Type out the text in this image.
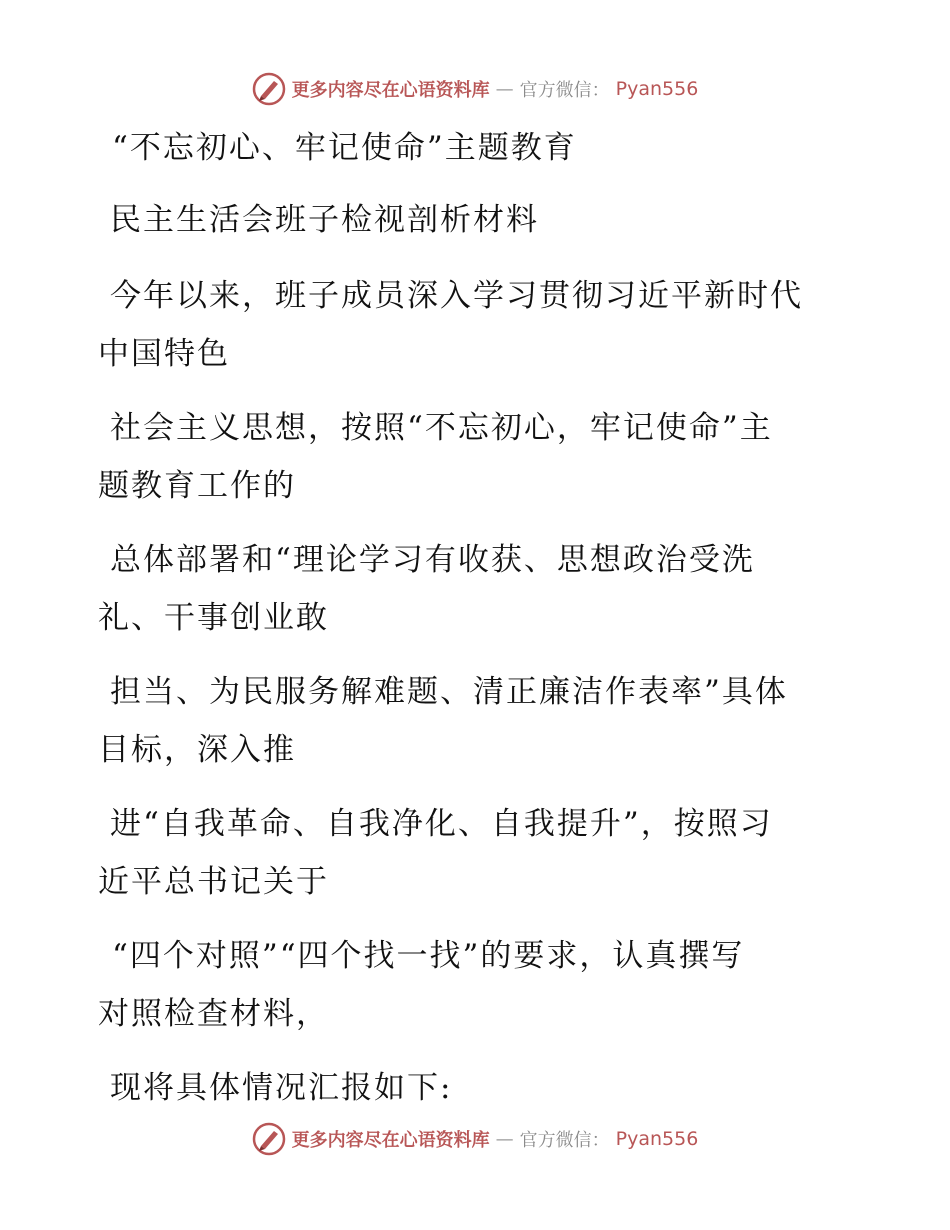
更多内容尽在心语资料库 — 官方微信： Pyan556
“不忘初心、牢记使命”主题教育
民主生活会班子检视剖析材料
今年以来，班子成员深入学习贯彻习近平新时代
中国特色
社会主义思想，按照“不忘初心，牢记使命”主
题教育工作的
总体部署和“理论学习有收获、思想政治受洗
礼、干事创业敢
担当、为民服务解难题、清正廉洁作表率”具体
目标，深入推
进“自我革命、自我净化、自我提升”，按照习
近平总书记关于
“四个对照”“四个找一找”的要求，认真撰写
对照检查材料，
现将具体情况汇报如下:
更多内容尽在心语资料库 — 官方微信： Pyan556
